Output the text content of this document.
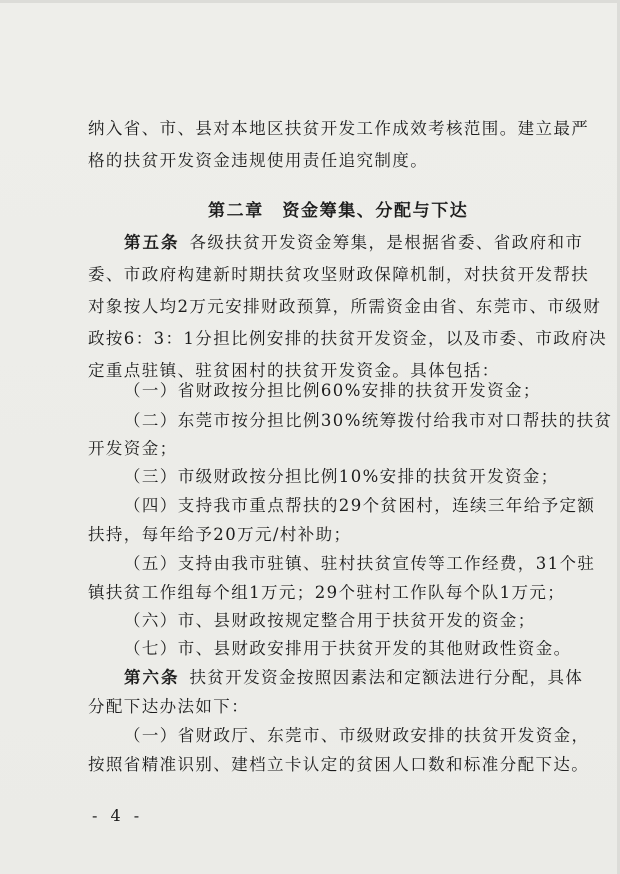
纳入省、市、县对本地区扶贫开发工作成效考核范围。建立最严
格的扶贫开发资金违规使用责任追究制度。
第二章　资金筹集、分配与下达
第五条 各级扶贫开发资金筹集，是根据省委、省政府和市
委、市政府构建新时期扶贫攻坚财政保障机制，对扶贫开发帮扶
对象按人均2万元安排财政预算，所需资金由省、东莞市、市级财
政按6：3：1分担比例安排的扶贫开发资金，以及市委、市政府决
定重点驻镇、驻贫困村的扶贫开发资金。具体包括：
（一）省财政按分担比例60%安排的扶贫开发资金；
（二）东莞市按分担比例30%统筹拨付给我市对口帮扶的扶贫
开发资金；
（三）市级财政按分担比例10%安排的扶贫开发资金；
（四）支持我市重点帮扶的29个贫困村，连续三年给予定额
扶持，每年给予20万元/村补助；
（五）支持由我市驻镇、驻村扶贫宣传等工作经费，31个驻
镇扶贫工作组每个组1万元；29个驻村工作队每个队1万元；
（六）市、县财政按规定整合用于扶贫开发的资金；
（七）市、县财政安排用于扶贫开发的其他财政性资金。
第六条 扶贫开发资金按照因素法和定额法进行分配，具体
分配下达办法如下：
（一）省财政厅、东莞市、市级财政安排的扶贫开发资金，
按照省精准识别、建档立卡认定的贫困人口数和标准分配下达。
- 4 -
